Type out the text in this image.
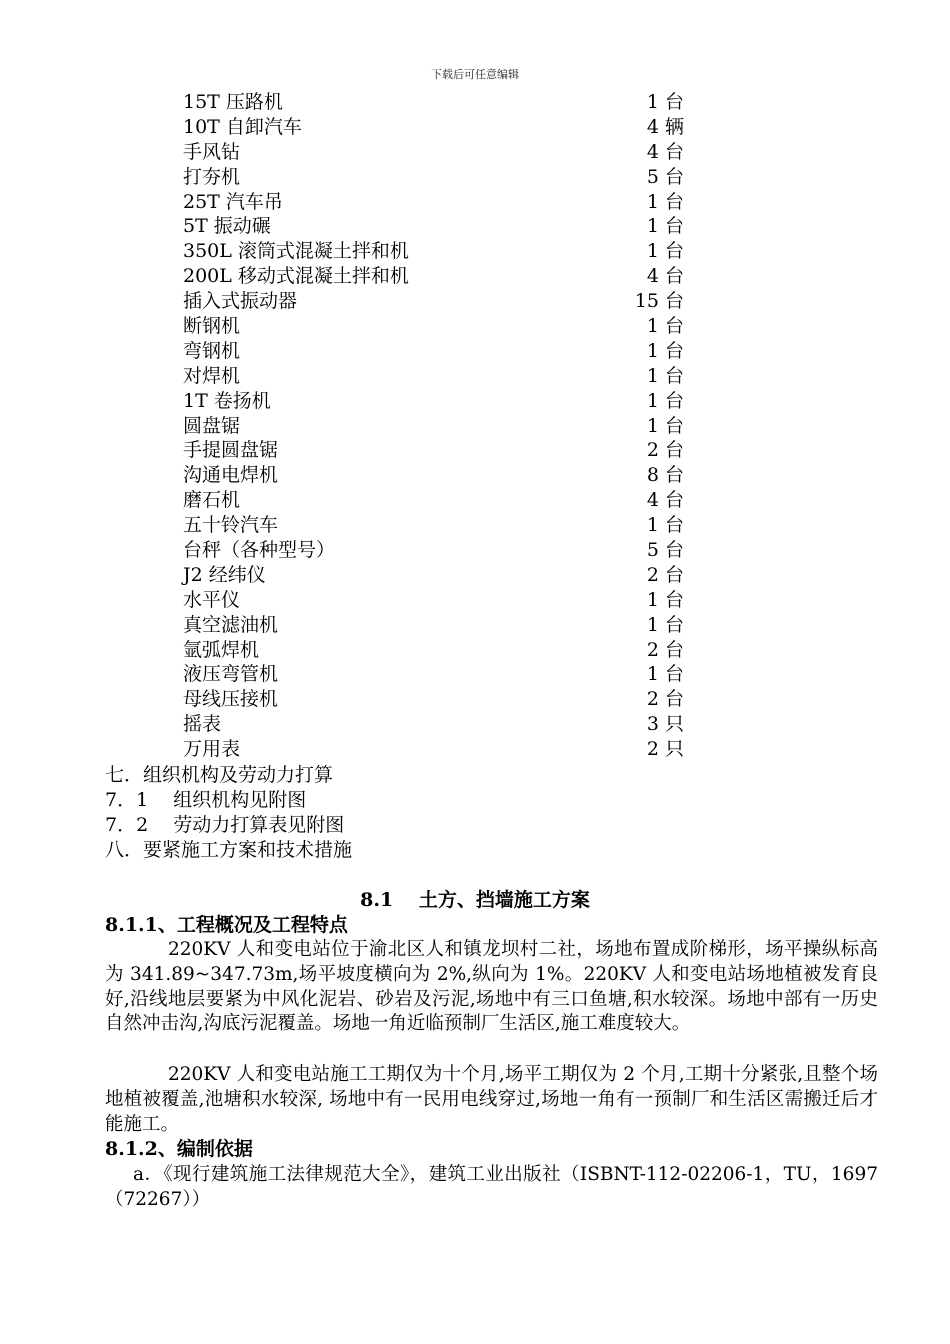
下载后可任意编辑
15T 压路机	1 台
10T 自卸汽车	4 辆
手风钻	4 台
打夯机	5 台
25T 汽车吊	1 台
5T 振动碾	1 台
350L 滚筒式混凝土拌和机	1 台
200L 移动式混凝土拌和机	4 台
插入式振动器	15 台
断钢机	1 台
弯钢机	1 台
对焊机	1 台
1T 卷扬机	1 台
圆盘锯	1 台
手提圆盘锯	2 台
沟通电焊机	8 台
磨石机	4 台
五十铃汽车	1 台
台秤（各种型号）	5 台
J2 经纬仪	2 台
水平仪	1 台
真空滤油机	1 台
氩弧焊机	2 台
液压弯管机	1 台
母线压接机	2 台
摇表	3 只
万用表	2 只
七．组织机构及劳动力打算
7．1　 组织机构见附图
7．2　 劳动力打算表见附图
八．要紧施工方案和技术措施
8.1　 土方、挡墙施工方案
8.1.1、工程概况及工程特点
220KV 人和变电站位于渝北区人和镇龙坝村二社，场地布置成阶梯形，场平操纵标高为 341.89~347.73m,场平坡度横向为 2%,纵向为 1%。220KV 人和变电站场地植被发育良好,沿线地层要紧为中风化泥岩、砂岩及污泥,场地中有三口鱼塘,积水较深。场地中部有一历史自然冲击沟,沟底污泥覆盖。场地一角近临预制厂生活区,施工难度较大。
220KV 人和变电站施工工期仅为十个月,场平工期仅为 2 个月,工期十分紧张,且整个场地植被覆盖,池塘积水较深, 场地中有一民用电线穿过,场地一角有一预制厂和生活区需搬迁后才能施工。
8.1.2、编制依据
a．《现行建筑施工法律规范大全》，建筑工业出版社（ISBNT-112-02206-1，TU，1697（72267））
